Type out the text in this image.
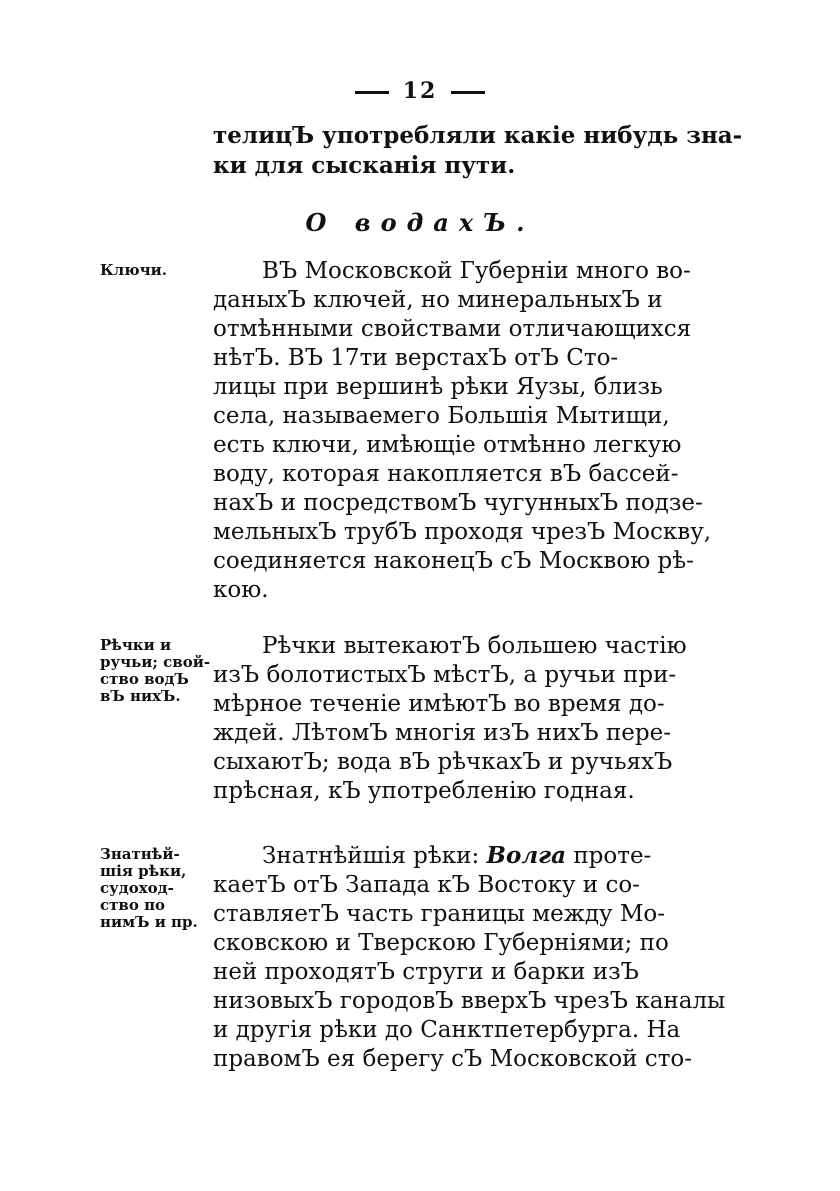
12
телицЪ употребляли какіе нибудь зна-
ки для сысканія пути.
О водахЪ.
Ключи.	ВЪ Московской Губерніи много во-
даныхЪ ключей, но минеральныхЪ и
отмѣнными свойствами отличающихся
нѣтЪ. ВЪ 17ти верстахЪ отЪ Сто-
лицы при вершинѣ рѣки Яузы, близь
села, называемего Большія Мытищи,
есть ключи, имѣющіе отмѣнно легкую
воду, которая накопляется вЪ бассей-
нахЪ и посредствомЪ чугунныхЪ подзе-
мельныхЪ трубЪ проходя чрезЪ Москву,
соединяется наконецЪ сЪ Москвою рѣ-
кою.
Рѣчки и
ручьи; свой-
ство водЪ
вЪ нихЪ.
Рѣчки вытекаютЪ большею частію
изЪ болотистыхЪ мѣстЪ, а ручьи при-
мѣрное теченіе имѣютЪ во время до-
ждей. ЛѣтомЪ многія изЪ нихЪ пере-
сыхаютЪ; вода вЪ рѣчкахЪ и ручьяхЪ
прѣсная, кЪ употребленію годная.
Знатнѣй-
шія рѣки,
судоход-
ство по
нимЪ и пр.
Знатнѣйшія рѣки: Волга проте-
каетЪ отЪ Запада кЪ Востоку и со-
ставляетЪ часть границы между Мо-
сковскою и Тверскою Губерніями; по
ней проходятЪ струги и барки изЪ
низовыхЪ городовЪ вверхЪ чрезЪ каналы
и другія рѣки до Санктпетербурга. На
правомЪ ея берегу сЪ Московской сто-
